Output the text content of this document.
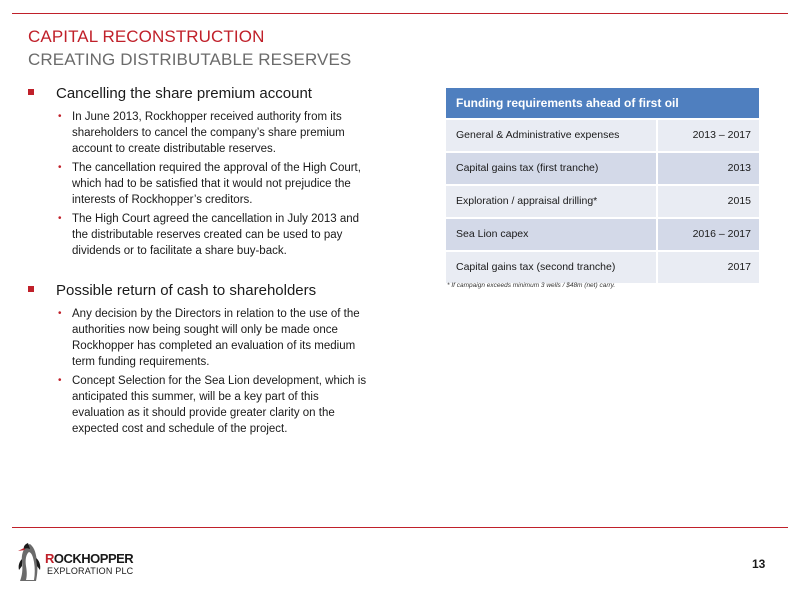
CAPITAL RECONSTRUCTION
CREATING DISTRIBUTABLE RESERVES
Cancelling the share premium account
• In June 2013, Rockhopper received authority from its shareholders to cancel the company’s share premium account to create distributable reserves.
• The cancellation required the approval of the High Court, which had to be satisfied that it would not prejudice the interests of Rockhopper’s creditors.
• The High Court agreed the cancellation in July 2013 and the distributable reserves created can be used to pay dividends or to facilitate a share buy-back.
Possible return of cash to shareholders
• Any decision by the Directors in relation to the use of the authorities now being sought will only be made once Rockhopper has completed an evaluation of its medium term funding requirements.
• Concept Selection for the Sea Lion development, which is anticipated this summer, will be a key part of this evaluation as it should provide greater clarity on the expected cost and schedule of the project.
Funding requirements ahead of first oil
General & Administrative expenses	2013 – 2017
Capital gains tax (first tranche)	2013
Exploration / appraisal drilling*	2015
Sea Lion capex	2016 – 2017
Capital gains tax (second tranche)	2017
* If campaign exceeds minimum 3 wells / $48m (net) carry.
ROCKHOPPER
EXPLORATION PLC	13
